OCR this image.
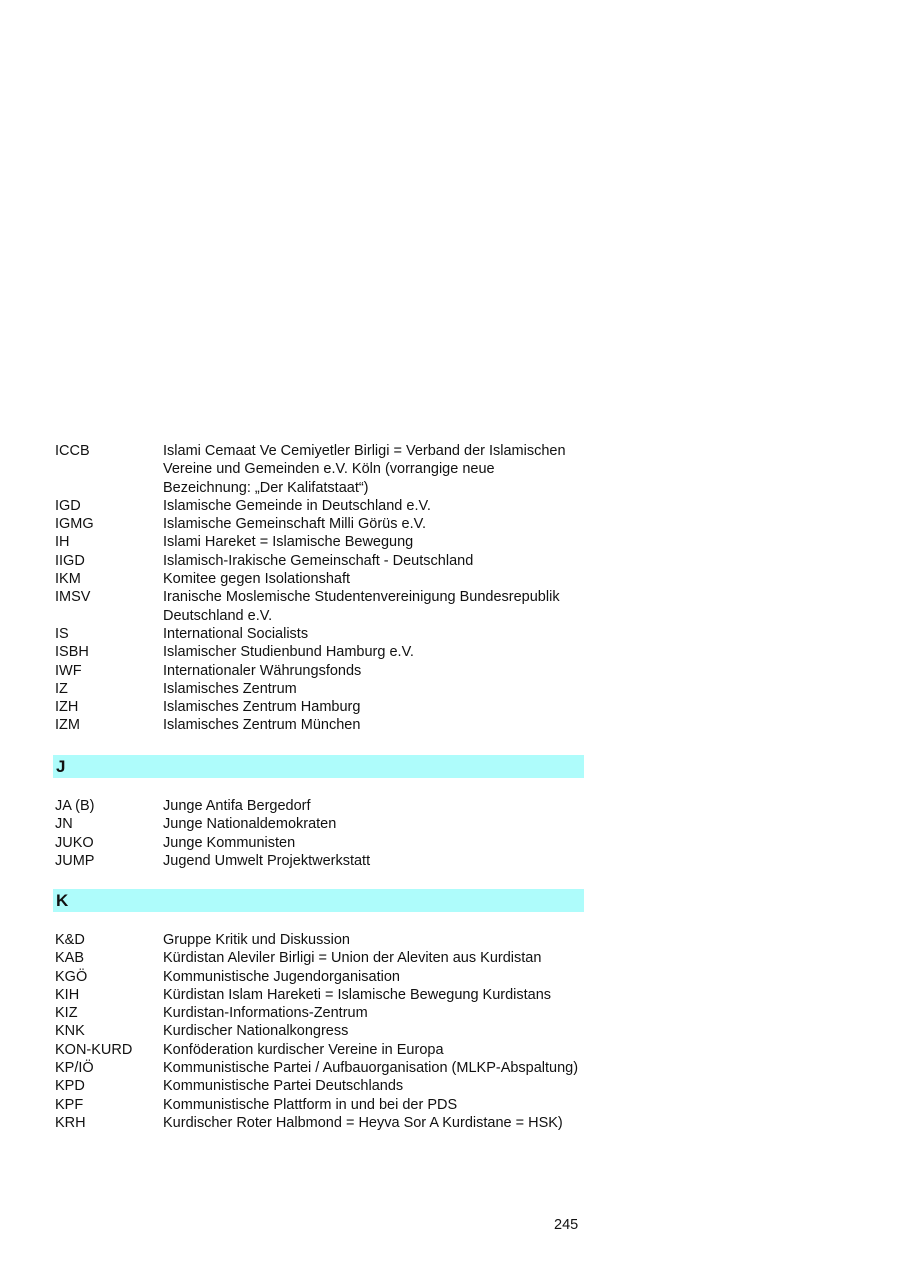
ICCB	Islami Cemaat Ve Cemiyetler Birligi = Verband der Islamischen Vereine und Gemeinden e.V. Köln (vorrangige neue Bezeichnung: „Der Kalifatstaat“)
IGD	Islamische Gemeinde in Deutschland e.V.
IGMG	Islamische Gemeinschaft Milli Görüs e.V.
IH	Islami Hareket = Islamische Bewegung
IIGD	Islamisch-Irakische Gemeinschaft - Deutschland
IKM	Komitee gegen Isolationshaft
IMSV	Iranische Moslemische Studentenvereinigung Bundesrepublik Deutschland e.V.
IS	International Socialists
ISBH	Islamischer Studienbund Hamburg e.V.
IWF	Internationaler Währungsfonds
IZ	Islamisches Zentrum
IZH	Islamisches Zentrum Hamburg
IZM	Islamisches Zentrum München
J
JA (B)	Junge Antifa Bergedorf
JN	Junge Nationaldemokraten
JUKO	Junge Kommunisten
JUMP	Jugend Umwelt Projektwerkstatt
K
K&D	Gruppe Kritik und Diskussion
KAB	Kürdistan Aleviler Birligi = Union der Aleviten aus Kurdistan
KGÖ	Kommunistische Jugendorganisation
KIH	Kürdistan Islam Hareketi = Islamische Bewegung Kurdistans
KIZ	Kurdistan-Informations-Zentrum
KNK	Kurdischer Nationalkongress
KON-KURD	Konföderation kurdischer Vereine in Europa
KP/IÖ	Kommunistische Partei / Aufbauorganisation (MLKP-Abspaltung)
KPD	Kommunistische Partei Deutschlands
KPF	Kommunistische Plattform in und bei der PDS
KRH	Kurdischer Roter Halbmond = Heyva Sor A Kurdistane = HSK)
245
